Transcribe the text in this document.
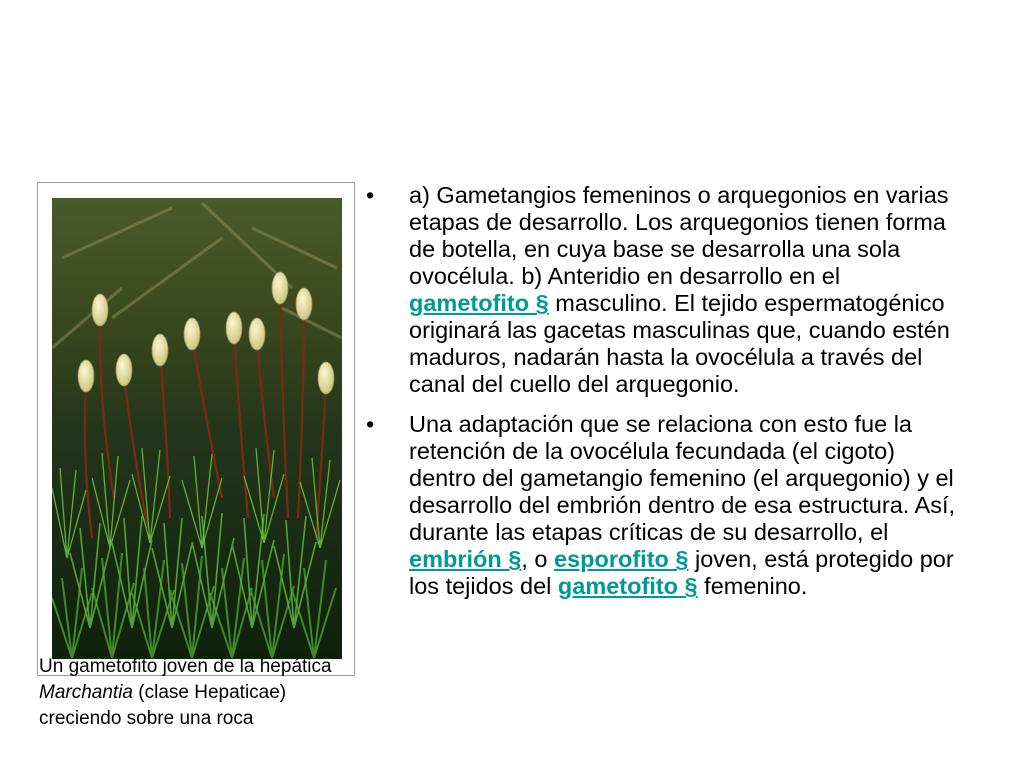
Un gametofito joven de la hepática Marchantia (clase Hepaticae) creciendo sobre una roca

• a) Gametangios femeninos o arquegonios en varias etapas de desarrollo. Los arquegonios tienen forma de botella, en cuya base se desarrolla una sola ovocélula. b) Anteridio en desarrollo en el gametofito § masculino. El tejido espermatogénico originará las gacetas masculinas que, cuando estén maduros, nadarán hasta la ovocélula a través del canal del cuello del arquegonio.
• Una adaptación que se relaciona con esto fue la retención de la ovocélula fecundada (el cigoto) dentro del gametangio femenino (el arquegonio) y el desarrollo del embrión dentro de esa estructura. Así, durante las etapas críticas de su desarrollo, el embrión §, o esporofito § joven, está protegido por los tejidos del gametofito § femenino.
